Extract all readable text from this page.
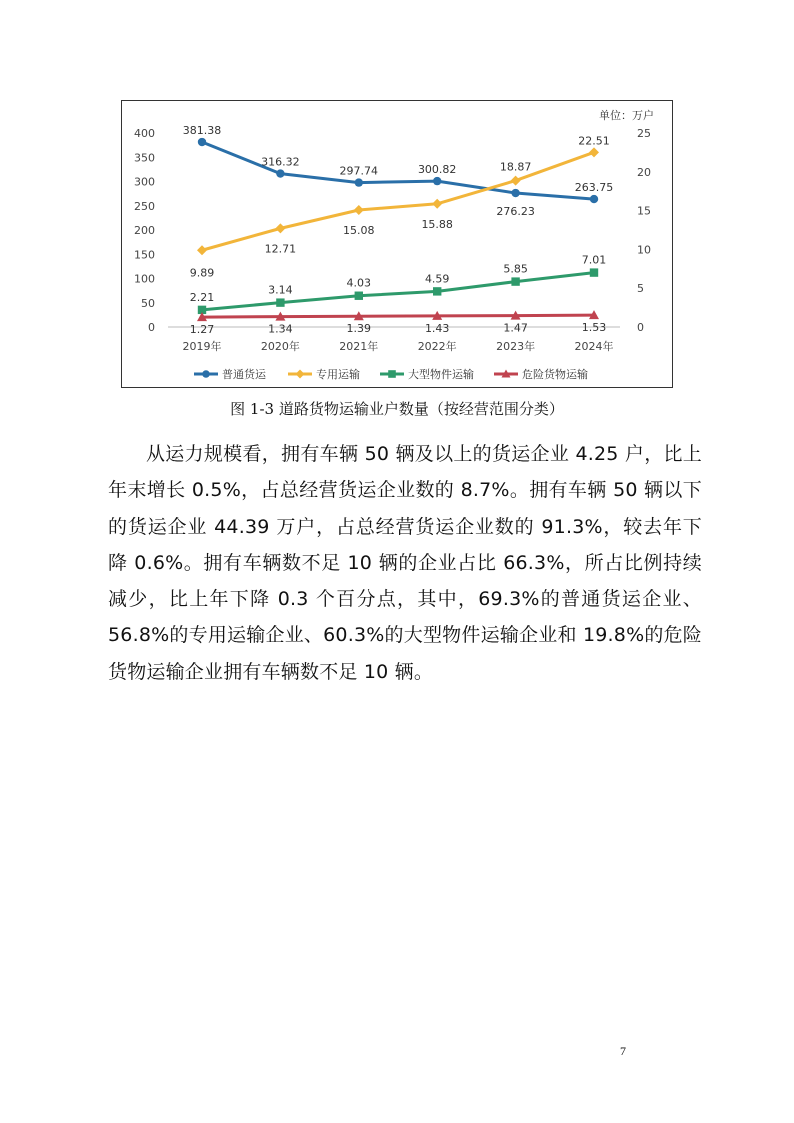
单位：万户
0
50
100
150
200
250
300
350
400
0
5
10
15
20
25
2019年	2020年	2021年	2022年	2023年	2024年
381.38
316.32
297.74	300.82
276.23
263.75
9.89
12.71
15.08	15.88
18.87
22.51
2.21
3.14
4.03	4.59
5.85
7.01
1.27	1.34	1.39	1.43	1.47	1.53
普通货运	专用运输	大型物件运输	危险货物运输
图 1-3 道路货物运输业户数量（按经营范围分类）

从运力规模看，拥有车辆 50 辆及以上的货运企业 4.25 户，比上年末增长 0.5%，占总经营货运企业数的 8.7%。拥有车辆 50 辆以下的货运企业 44.39 万户，占总经营货运企业数的 91.3%，较去年下降 0.6%。拥有车辆数不足 10 辆的企业占比 66.3%，所占比例持续减少，比上年下降 0.3 个百分点，其中，69.3%的普通货运企业、56.8%的专用运输企业、60.3%的大型物件运输企业和 19.8%的危险货物运输企业拥有车辆数不足 10 辆。

7
